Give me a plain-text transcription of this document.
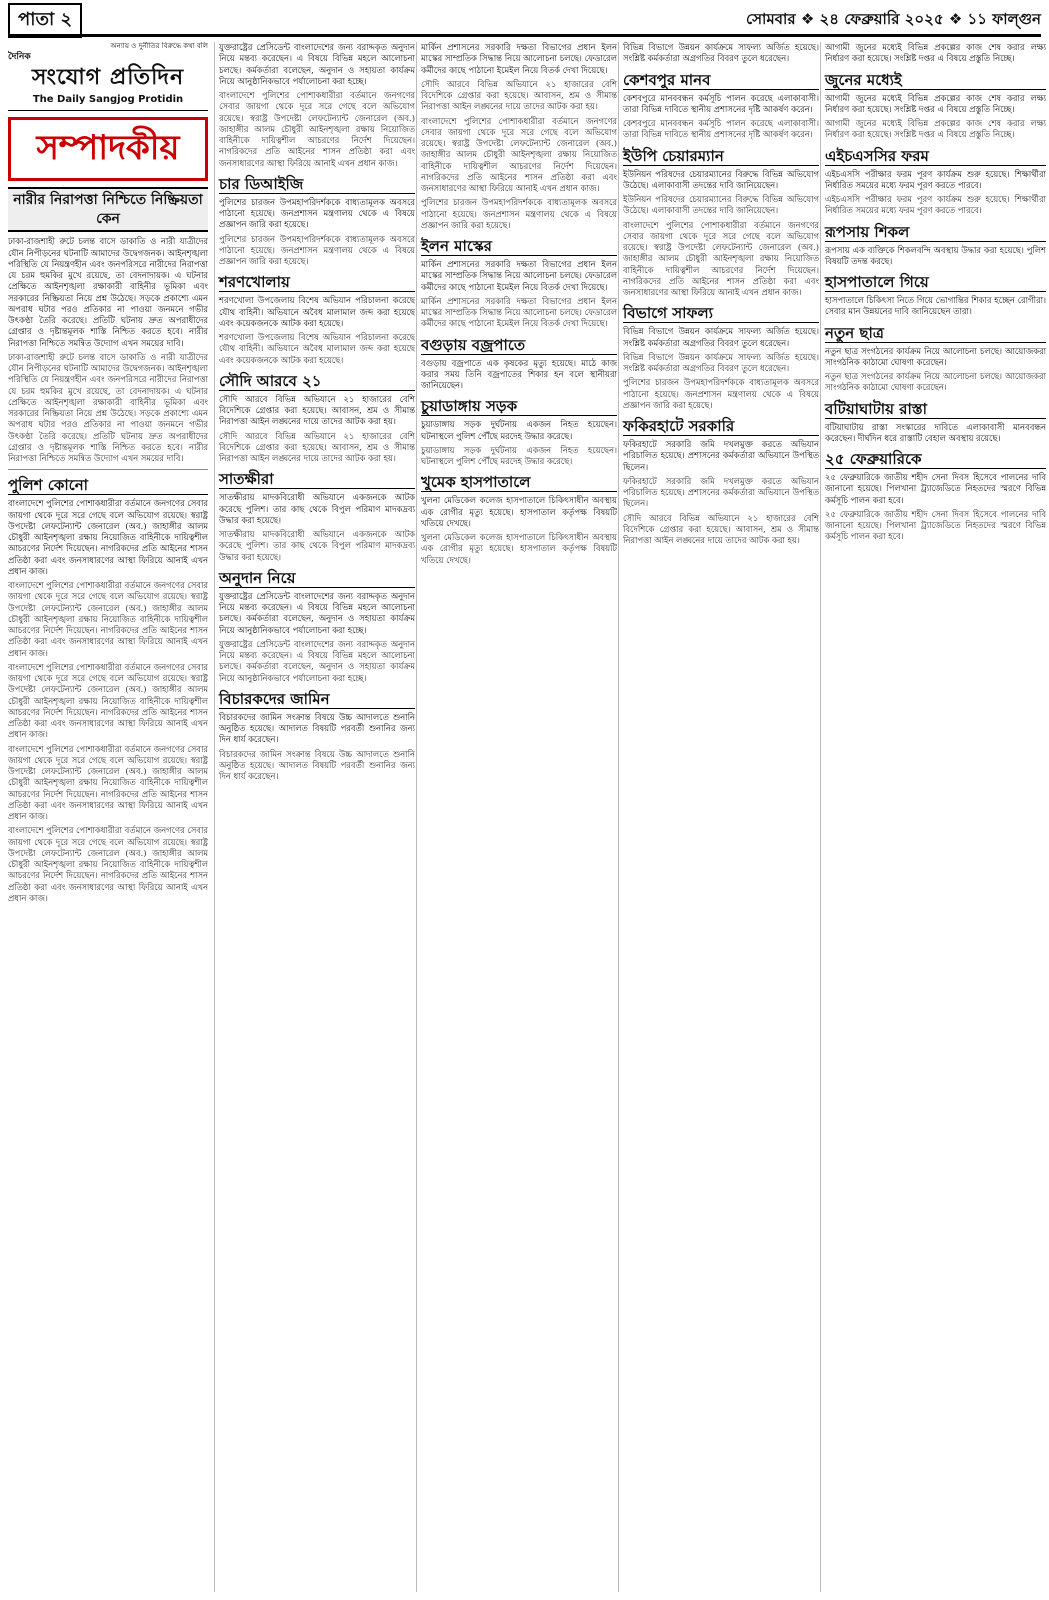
পাতা ২	সোমবার ❖ ২৪ ফেব্রুয়ারি ২০২৫ ❖ ১১ ফাল্গুন
অন্যায় ও দুর্নীতির বিরুদ্ধে কথা বলি
দৈনিক
সংযোগ প্রতিদিন
The Daily Sangjog Protidin
সম্পাদকীয়
নারীর নিরাপত্তা নিশ্চিতে নিষ্ক্রিয়তা কেন

ঢাকা-রাজশাহী রুটে চলন্ত বাসে ডাকাতি ও নারী যাত্রীদের যৌন নিপীড়নের ঘটনাটি আমাদের উদ্বেগজনক। আইনশৃঙ্খলা পরিস্থিতি যে নিয়ন্ত্রণহীন এবং জনপরিসরে নারীদের নিরাপত্তা যে চরম হুমকির মুখে রয়েছে, তা বেদনাদায়ক। এ ঘটনার প্রেক্ষিতে আইনশৃঙ্খলা রক্ষাকারী বাহিনীর ভূমিকা এবং সরকারের নিষ্ক্রিয়তা নিয়ে প্রশ্ন উঠেছে। সড়কে প্রকাশ্যে এমন অপরাধ ঘটার পরও প্রতিকার না পাওয়া জনমনে গভীর উৎকণ্ঠা তৈরি করেছে। প্রতিটি ঘটনায় দ্রুত অপরাধীদের গ্রেপ্তার ও দৃষ্টান্তমূলক শাস্তি নিশ্চিত করতে হবে। নারীর নিরাপত্তা নিশ্চিতে সমন্বিত উদ্যোগ এখন সময়ের দাবি।

ঢাকা-রাজশাহী রুটে চলন্ত বাসে ডাকাতি ও নারী যাত্রীদের যৌন নিপীড়নের ঘটনাটি আমাদের উদ্বেগজনক। আইনশৃঙ্খলা পরিস্থিতি যে নিয়ন্ত্রণহীন এবং জনপরিসরে নারীদের নিরাপত্তা যে চরম হুমকির মুখে রয়েছে, তা বেদনাদায়ক। এ ঘটনার প্রেক্ষিতে আইনশৃঙ্খলা রক্ষাকারী বাহিনীর ভূমিকা এবং সরকারের নিষ্ক্রিয়তা নিয়ে প্রশ্ন উঠেছে। সড়কে প্রকাশ্যে এমন অপরাধ ঘটার পরও প্রতিকার না পাওয়া জনমনে গভীর উৎকণ্ঠা তৈরি করেছে। প্রতিটি ঘটনায় দ্রুত অপরাধীদের গ্রেপ্তার ও দৃষ্টান্তমূলক শাস্তি নিশ্চিত করতে হবে। নারীর নিরাপত্তা নিশ্চিতে সমন্বিত উদ্যোগ এখন সময়ের দাবি।

পুলিশ কোনো

বাংলাদেশে পুলিশের পোশাকধারীরা বর্তমানে জনগণের সেবার জায়গা থেকে দূরে সরে গেছে বলে অভিযোগ রয়েছে। স্বরাষ্ট্র উপদেষ্টা লেফটেন্যান্ট জেনারেল (অব.) জাহাঙ্গীর আলম চৌধুরী আইনশৃঙ্খলা রক্ষায় নিয়োজিত বাহিনীকে দায়িত্বশীল আচরণের নির্দেশ দিয়েছেন। নাগরিকদের প্রতি আইনের শাসন প্রতিষ্ঠা করা এবং জনসাধারণের আস্থা ফিরিয়ে আনাই এখন প্রধান কাজ।

বাংলাদেশে পুলিশের পোশাকধারীরা বর্তমানে জনগণের সেবার জায়গা থেকে দূরে সরে গেছে বলে অভিযোগ রয়েছে। স্বরাষ্ট্র উপদেষ্টা লেফটেন্যান্ট জেনারেল (অব.) জাহাঙ্গীর আলম চৌধুরী আইনশৃঙ্খলা রক্ষায় নিয়োজিত বাহিনীকে দায়িত্বশীল আচরণের নির্দেশ দিয়েছেন। নাগরিকদের প্রতি আইনের শাসন প্রতিষ্ঠা করা এবং জনসাধারণের আস্থা ফিরিয়ে আনাই এখন প্রধান কাজ।

বাংলাদেশে পুলিশের পোশাকধারীরা বর্তমানে জনগণের সেবার জায়গা থেকে দূরে সরে গেছে বলে অভিযোগ রয়েছে। স্বরাষ্ট্র উপদেষ্টা লেফটেন্যান্ট জেনারেল (অব.) জাহাঙ্গীর আলম চৌধুরী আইনশৃঙ্খলা রক্ষায় নিয়োজিত বাহিনীকে দায়িত্বশীল আচরণের নির্দেশ দিয়েছেন। নাগরিকদের প্রতি আইনের শাসন প্রতিষ্ঠা করা এবং জনসাধারণের আস্থা ফিরিয়ে আনাই এখন প্রধান কাজ।

বাংলাদেশে পুলিশের পোশাকধারীরা বর্তমানে জনগণের সেবার জায়গা থেকে দূরে সরে গেছে বলে অভিযোগ রয়েছে। স্বরাষ্ট্র উপদেষ্টা লেফটেন্যান্ট জেনারেল (অব.) জাহাঙ্গীর আলম চৌধুরী আইনশৃঙ্খলা রক্ষায় নিয়োজিত বাহিনীকে দায়িত্বশীল আচরণের নির্দেশ দিয়েছেন। নাগরিকদের প্রতি আইনের শাসন প্রতিষ্ঠা করা এবং জনসাধারণের আস্থা ফিরিয়ে আনাই এখন প্রধান কাজ।

বাংলাদেশে পুলিশের পোশাকধারীরা বর্তমানে জনগণের সেবার জায়গা থেকে দূরে সরে গেছে বলে অভিযোগ রয়েছে। স্বরাষ্ট্র উপদেষ্টা লেফটেন্যান্ট জেনারেল (অব.) জাহাঙ্গীর আলম চৌধুরী আইনশৃঙ্খলা রক্ষায় নিয়োজিত বাহিনীকে দায়িত্বশীল আচরণের নির্দেশ দিয়েছেন। নাগরিকদের প্রতি আইনের শাসন প্রতিষ্ঠা করা এবং জনসাধারণের আস্থা ফিরিয়ে আনাই এখন প্রধান কাজ।

যুক্তরাষ্ট্রের প্রেসিডেন্ট বাংলাদেশের জন্য বরাদ্দকৃত অনুদান নিয়ে মন্তব্য করেছেন। এ বিষয়ে বিভিন্ন মহলে আলোচনা চলছে। কর্মকর্তারা বলেছেন, অনুদান ও সহায়তা কার্যক্রম নিয়ে আনুষ্ঠানিকভাবে পর্যালোচনা করা হচ্ছে।

বাংলাদেশে পুলিশের পোশাকধারীরা বর্তমানে জনগণের সেবার জায়গা থেকে দূরে সরে গেছে বলে অভিযোগ রয়েছে। স্বরাষ্ট্র উপদেষ্টা লেফটেন্যান্ট জেনারেল (অব.) জাহাঙ্গীর আলম চৌধুরী আইনশৃঙ্খলা রক্ষায় নিয়োজিত বাহিনীকে দায়িত্বশীল আচরণের নির্দেশ দিয়েছেন। নাগরিকদের প্রতি আইনের শাসন প্রতিষ্ঠা করা এবং জনসাধারণের আস্থা ফিরিয়ে আনাই এখন প্রধান কাজ।

চার ডিআইজি

পুলিশের চারজন উপমহাপরিদর্শককে বাধ্যতামূলক অবসরে পাঠানো হয়েছে। জনপ্রশাসন মন্ত্রণালয় থেকে এ বিষয়ে প্রজ্ঞাপন জারি করা হয়েছে।

পুলিশের চারজন উপমহাপরিদর্শককে বাধ্যতামূলক অবসরে পাঠানো হয়েছে। জনপ্রশাসন মন্ত্রণালয় থেকে এ বিষয়ে প্রজ্ঞাপন জারি করা হয়েছে।

শরণখোলায়

শরণখোলা উপজেলায় বিশেষ অভিযান পরিচালনা করেছে যৌথ বাহিনী। অভিযানে অবৈধ মালামাল জব্দ করা হয়েছে এবং কয়েকজনকে আটক করা হয়েছে।

শরণখোলা উপজেলায় বিশেষ অভিযান পরিচালনা করেছে যৌথ বাহিনী। অভিযানে অবৈধ মালামাল জব্দ করা হয়েছে এবং কয়েকজনকে আটক করা হয়েছে।

সৌদি আরবে ২১

সৌদি আরবে বিভিন্ন অভিযানে ২১ হাজারের বেশি বিদেশিকে গ্রেপ্তার করা হয়েছে। আবাসন, শ্রম ও সীমান্ত নিরাপত্তা আইন লঙ্ঘনের দায়ে তাদের আটক করা হয়।

সৌদি আরবে বিভিন্ন অভিযানে ২১ হাজারের বেশি বিদেশিকে গ্রেপ্তার করা হয়েছে। আবাসন, শ্রম ও সীমান্ত নিরাপত্তা আইন লঙ্ঘনের দায়ে তাদের আটক করা হয়।

সাতক্ষীরা

সাতক্ষীরায় মাদকবিরোধী অভিযানে একজনকে আটক করেছে পুলিশ। তার কাছ থেকে বিপুল পরিমাণ মাদকদ্রব্য উদ্ধার করা হয়েছে।

সাতক্ষীরায় মাদকবিরোধী অভিযানে একজনকে আটক করেছে পুলিশ। তার কাছ থেকে বিপুল পরিমাণ মাদকদ্রব্য উদ্ধার করা হয়েছে।

অনুদান নিয়ে

যুক্তরাষ্ট্রের প্রেসিডেন্ট বাংলাদেশের জন্য বরাদ্দকৃত অনুদান নিয়ে মন্তব্য করেছেন। এ বিষয়ে বিভিন্ন মহলে আলোচনা চলছে। কর্মকর্তারা বলেছেন, অনুদান ও সহায়তা কার্যক্রম নিয়ে আনুষ্ঠানিকভাবে পর্যালোচনা করা হচ্ছে।

যুক্তরাষ্ট্রের প্রেসিডেন্ট বাংলাদেশের জন্য বরাদ্দকৃত অনুদান নিয়ে মন্তব্য করেছেন। এ বিষয়ে বিভিন্ন মহলে আলোচনা চলছে। কর্মকর্তারা বলেছেন, অনুদান ও সহায়তা কার্যক্রম নিয়ে আনুষ্ঠানিকভাবে পর্যালোচনা করা হচ্ছে।

বিচারকদের জামিন

বিচারকদের জামিন সংক্রান্ত বিষয়ে উচ্চ আদালতে শুনানি অনুষ্ঠিত হয়েছে। আদালত বিষয়টি পরবর্তী শুনানির জন্য দিন ধার্য করেছেন।

বিচারকদের জামিন সংক্রান্ত বিষয়ে উচ্চ আদালতে শুনানি অনুষ্ঠিত হয়েছে। আদালত বিষয়টি পরবর্তী শুনানির জন্য দিন ধার্য করেছেন।

মার্কিন প্রশাসনের সরকারি দক্ষতা বিভাগের প্রধান ইলন মাস্কের সাম্প্রতিক সিদ্ধান্ত নিয়ে আলোচনা চলছে। ফেডারেল কর্মীদের কাছে পাঠানো ইমেইল নিয়ে বিতর্ক দেখা দিয়েছে।

সৌদি আরবে বিভিন্ন অভিযানে ২১ হাজারের বেশি বিদেশিকে গ্রেপ্তার করা হয়েছে। আবাসন, শ্রম ও সীমান্ত নিরাপত্তা আইন লঙ্ঘনের দায়ে তাদের আটক করা হয়।

বাংলাদেশে পুলিশের পোশাকধারীরা বর্তমানে জনগণের সেবার জায়গা থেকে দূরে সরে গেছে বলে অভিযোগ রয়েছে। স্বরাষ্ট্র উপদেষ্টা লেফটেন্যান্ট জেনারেল (অব.) জাহাঙ্গীর আলম চৌধুরী আইনশৃঙ্খলা রক্ষায় নিয়োজিত বাহিনীকে দায়িত্বশীল আচরণের নির্দেশ দিয়েছেন। নাগরিকদের প্রতি আইনের শাসন প্রতিষ্ঠা করা এবং জনসাধারণের আস্থা ফিরিয়ে আনাই এখন প্রধান কাজ।

পুলিশের চারজন উপমহাপরিদর্শককে বাধ্যতামূলক অবসরে পাঠানো হয়েছে। জনপ্রশাসন মন্ত্রণালয় থেকে এ বিষয়ে প্রজ্ঞাপন জারি করা হয়েছে।

ইলন মাস্কের

মার্কিন প্রশাসনের সরকারি দক্ষতা বিভাগের প্রধান ইলন মাস্কের সাম্প্রতিক সিদ্ধান্ত নিয়ে আলোচনা চলছে। ফেডারেল কর্মীদের কাছে পাঠানো ইমেইল নিয়ে বিতর্ক দেখা দিয়েছে।

মার্কিন প্রশাসনের সরকারি দক্ষতা বিভাগের প্রধান ইলন মাস্কের সাম্প্রতিক সিদ্ধান্ত নিয়ে আলোচনা চলছে। ফেডারেল কর্মীদের কাছে পাঠানো ইমেইল নিয়ে বিতর্ক দেখা দিয়েছে।

বগুড়ায় বজ্রপাতে

বগুড়ায় বজ্রপাতে এক কৃষকের মৃত্যু হয়েছে। মাঠে কাজ করার সময় তিনি বজ্রপাতের শিকার হন বলে স্থানীয়রা জানিয়েছেন।

চুয়াডাঙ্গায় সড়ক

চুয়াডাঙ্গায় সড়ক দুর্ঘটনায় একজন নিহত হয়েছেন। ঘটনাস্থলে পুলিশ পৌঁছে মরদেহ উদ্ধার করেছে।

চুয়াডাঙ্গায় সড়ক দুর্ঘটনায় একজন নিহত হয়েছেন। ঘটনাস্থলে পুলিশ পৌঁছে মরদেহ উদ্ধার করেছে।

খুমেক হাসপাতালে

খুলনা মেডিকেল কলেজ হাসপাতালে চিকিৎসাধীন অবস্থায় এক রোগীর মৃত্যু হয়েছে। হাসপাতাল কর্তৃপক্ষ বিষয়টি খতিয়ে দেখছে।

খুলনা মেডিকেল কলেজ হাসপাতালে চিকিৎসাধীন অবস্থায় এক রোগীর মৃত্যু হয়েছে। হাসপাতাল কর্তৃপক্ষ বিষয়টি খতিয়ে দেখছে।

বিভিন্ন বিভাগে উন্নয়ন কার্যক্রমে সাফল্য অর্জিত হয়েছে। সংশ্লিষ্ট কর্মকর্তারা অগ্রগতির বিবরণ তুলে ধরেছেন।

কেশবপুর মানব

কেশবপুরে মানববন্ধন কর্মসূচি পালন করেছে এলাকাবাসী। তারা বিভিন্ন দাবিতে স্থানীয় প্রশাসনের দৃষ্টি আকর্ষণ করেন।

কেশবপুরে মানববন্ধন কর্মসূচি পালন করেছে এলাকাবাসী। তারা বিভিন্ন দাবিতে স্থানীয় প্রশাসনের দৃষ্টি আকর্ষণ করেন।

ইউপি চেয়ারম্যান

ইউনিয়ন পরিষদের চেয়ারম্যানের বিরুদ্ধে বিভিন্ন অভিযোগ উঠেছে। এলাকাবাসী তদন্তের দাবি জানিয়েছেন।

ইউনিয়ন পরিষদের চেয়ারম্যানের বিরুদ্ধে বিভিন্ন অভিযোগ উঠেছে। এলাকাবাসী তদন্তের দাবি জানিয়েছেন।

বাংলাদেশে পুলিশের পোশাকধারীরা বর্তমানে জনগণের সেবার জায়গা থেকে দূরে সরে গেছে বলে অভিযোগ রয়েছে। স্বরাষ্ট্র উপদেষ্টা লেফটেন্যান্ট জেনারেল (অব.) জাহাঙ্গীর আলম চৌধুরী আইনশৃঙ্খলা রক্ষায় নিয়োজিত বাহিনীকে দায়িত্বশীল আচরণের নির্দেশ দিয়েছেন। নাগরিকদের প্রতি আইনের শাসন প্রতিষ্ঠা করা এবং জনসাধারণের আস্থা ফিরিয়ে আনাই এখন প্রধান কাজ।

বিভাগে সাফল্য

বিভিন্ন বিভাগে উন্নয়ন কার্যক্রমে সাফল্য অর্জিত হয়েছে। সংশ্লিষ্ট কর্মকর্তারা অগ্রগতির বিবরণ তুলে ধরেছেন।

বিভিন্ন বিভাগে উন্নয়ন কার্যক্রমে সাফল্য অর্জিত হয়েছে। সংশ্লিষ্ট কর্মকর্তারা অগ্রগতির বিবরণ তুলে ধরেছেন।

পুলিশের চারজন উপমহাপরিদর্শককে বাধ্যতামূলক অবসরে পাঠানো হয়েছে। জনপ্রশাসন মন্ত্রণালয় থেকে এ বিষয়ে প্রজ্ঞাপন জারি করা হয়েছে।

ফকিরহাটে সরকারি

ফকিরহাটে সরকারি জমি দখলমুক্ত করতে অভিযান পরিচালিত হয়েছে। প্রশাসনের কর্মকর্তারা অভিযানে উপস্থিত ছিলেন।

ফকিরহাটে সরকারি জমি দখলমুক্ত করতে অভিযান পরিচালিত হয়েছে। প্রশাসনের কর্মকর্তারা অভিযানে উপস্থিত ছিলেন।

সৌদি আরবে বিভিন্ন অভিযানে ২১ হাজারের বেশি বিদেশিকে গ্রেপ্তার করা হয়েছে। আবাসন, শ্রম ও সীমান্ত নিরাপত্তা আইন লঙ্ঘনের দায়ে তাদের আটক করা হয়।

আগামী জুনের মধ্যেই বিভিন্ন প্রকল্পের কাজ শেষ করার লক্ষ্য নির্ধারণ করা হয়েছে। সংশ্লিষ্ট দপ্তর এ বিষয়ে প্রস্তুতি নিচ্ছে।

জুনের মধ্যেই

আগামী জুনের মধ্যেই বিভিন্ন প্রকল্পের কাজ শেষ করার লক্ষ্য নির্ধারণ করা হয়েছে। সংশ্লিষ্ট দপ্তর এ বিষয়ে প্রস্তুতি নিচ্ছে।

আগামী জুনের মধ্যেই বিভিন্ন প্রকল্পের কাজ শেষ করার লক্ষ্য নির্ধারণ করা হয়েছে। সংশ্লিষ্ট দপ্তর এ বিষয়ে প্রস্তুতি নিচ্ছে।

এইচএসসির ফরম

এইচএসসি পরীক্ষার ফরম পূরণ কার্যক্রম শুরু হয়েছে। শিক্ষার্থীরা নির্ধারিত সময়ের মধ্যে ফরম পূরণ করতে পারবে।

এইচএসসি পরীক্ষার ফরম পূরণ কার্যক্রম শুরু হয়েছে। শিক্ষার্থীরা নির্ধারিত সময়ের মধ্যে ফরম পূরণ করতে পারবে।

রূপসায় শিকল

রূপসায় এক ব্যক্তিকে শিকলবন্দি অবস্থায় উদ্ধার করা হয়েছে। পুলিশ বিষয়টি তদন্ত করছে।

হাসপাতালে গিয়ে

হাসপাতালে চিকিৎসা নিতে গিয়ে ভোগান্তির শিকার হচ্ছেন রোগীরা। সেবার মান উন্নয়নের দাবি জানিয়েছেন তারা।

নতুন ছাত্র

নতুন ছাত্র সংগঠনের কার্যক্রম নিয়ে আলোচনা চলছে। আয়োজকরা সাংগঠনিক কাঠামো ঘোষণা করেছেন।

নতুন ছাত্র সংগঠনের কার্যক্রম নিয়ে আলোচনা চলছে। আয়োজকরা সাংগঠনিক কাঠামো ঘোষণা করেছেন।

বটিয়াঘাটায় রাস্তা

বটিয়াঘাটায় রাস্তা সংস্কারের দাবিতে এলাকাবাসী মানববন্ধন করেছেন। দীর্ঘদিন ধরে রাস্তাটি বেহাল অবস্থায় রয়েছে।

২৫ ফেব্রুয়ারিকে

২৫ ফেব্রুয়ারিকে জাতীয় শহীদ সেনা দিবস হিসেবে পালনের দাবি জানানো হয়েছে। পিলখানা ট্র্যাজেডিতে নিহতদের স্মরণে বিভিন্ন কর্মসূচি পালন করা হবে।

২৫ ফেব্রুয়ারিকে জাতীয় শহীদ সেনা দিবস হিসেবে পালনের দাবি জানানো হয়েছে। পিলখানা ট্র্যাজেডিতে নিহতদের স্মরণে বিভিন্ন কর্মসূচি পালন করা হবে।
